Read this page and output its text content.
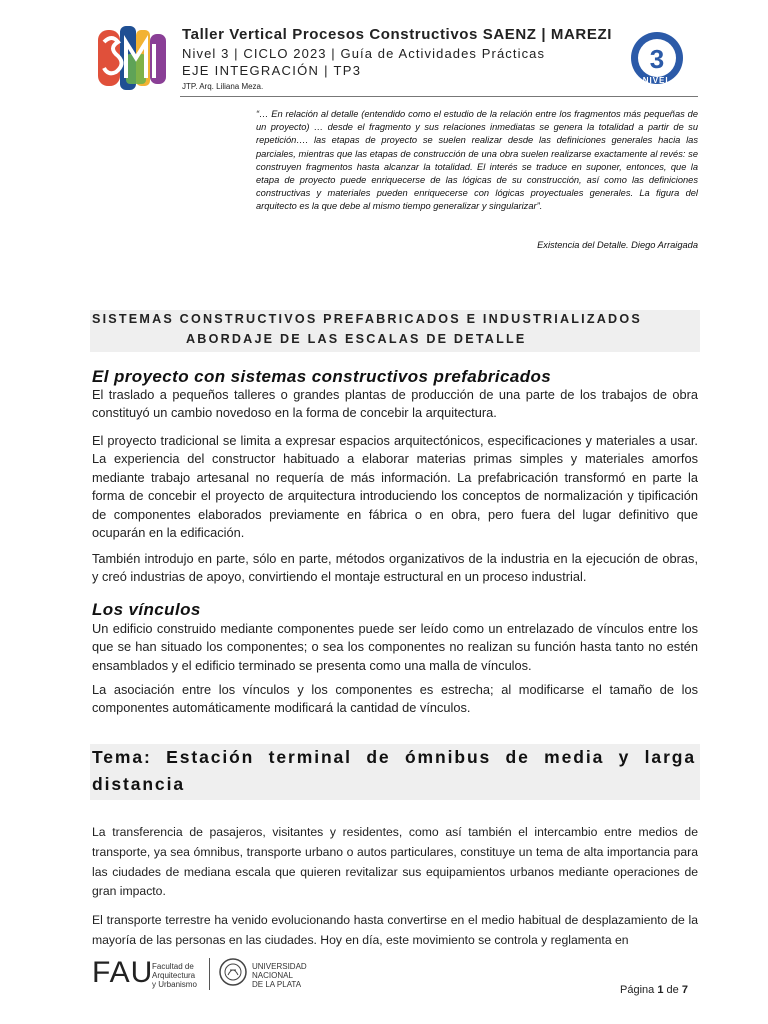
Taller Vertical Procesos Constructivos SAENZ | MAREZI
Nivel 3 | CICLO 2023 | Guía de Actividades Prácticas
EJE INTEGRACIÓN | TP3
JTP. Arq. Liliana Meza.
3
NIVEL
“… En relación al detalle (entendido como el estudio de la relación entre los fragmentos más pequeñas de un proyecto) … desde el fragmento y sus relaciones inmediatas se genera la totalidad a partir de su repetición…. las etapas de proyecto se suelen realizar desde las definiciones generales hacia las parciales, mientras que las etapas de construcción de una obra suelen realizarse exactamente al revés: se construyen fragmentos hasta alcanzar la totalidad. El interés se traduce en suponer, entonces, que la etapa de proyecto puede enriquecerse de las lógicas de su construcción, así como las definiciones constructivas y materiales pueden enriquecerse con lógicas proyectuales generales. La figura del arquitecto es la que debe al mismo tiempo generalizar y singularizar”.
Existencia del Detalle. Diego Arraigada
SISTEMAS CONSTRUCTIVOS PREFABRICADOS E INDUSTRIALIZADOS
ABORDAJE DE LAS ESCALAS DE DETALLE
El proyecto con sistemas constructivos prefabricados
El traslado a pequeños talleres o grandes plantas de producción de una parte de los trabajos de obra constituyó un cambio novedoso en la forma de concebir la arquitectura.
El proyecto tradicional se limita a expresar espacios arquitectónicos, especificaciones y materiales a usar. La experiencia del constructor habituado a elaborar materias primas simples y materiales amorfos mediante trabajo artesanal no requería de más información. La prefabricación transformó en parte la forma de concebir el proyecto de arquitectura introduciendo los conceptos de normalización y tipificación de componentes elaborados previamente en fábrica o en obra, pero fuera del lugar definitivo que ocuparán en la edificación.
También introdujo en parte, sólo en parte, métodos organizativos de la industria en la ejecución de obras, y creó industrias de apoyo, convirtiendo el montaje estructural en un proceso industrial.
Los vínculos
Un edificio construido mediante componentes puede ser leído como un entrelazado de vínculos entre los que se han situado los componentes; o sea los componentes no realizan su función hasta tanto no estén ensamblados y el edificio terminado se presenta como una malla de vínculos.
La asociación entre los vínculos y los componentes es estrecha; al modificarse el tamaño de los componentes automáticamente modificará la cantidad de vínculos.
Tema: Estación terminal de ómnibus de media y larga distancia
La transferencia de pasajeros, visitantes y residentes, como así también el intercambio entre medios de transporte, ya sea ómnibus, transporte urbano o autos particulares, constituye un tema de alta importancia para las ciudades de mediana escala que quieren revitalizar sus equipamientos urbanos mediante operaciones de gran impacto.
El transporte terrestre ha venido evolucionando hasta convertirse en el medio habitual de desplazamiento de la mayoría de las personas en las ciudades. Hoy en día, este movimiento se controla y reglamenta en
FAU
Facultad de
Arquitectura
y Urbanismo
UNIVERSIDAD
NACIONAL
DE LA PLATA	Página 1 de 7
